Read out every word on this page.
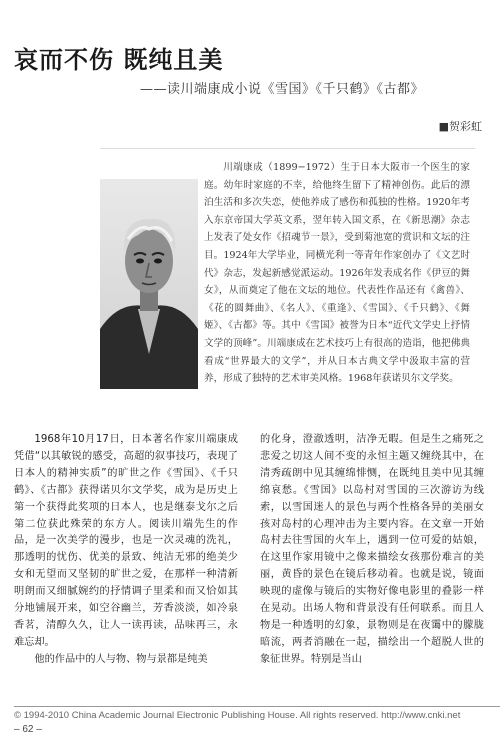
哀而不伤 既纯且美
——读川端康成小说《雪国》《千只鹤》《古都》
■贺彩虹
川端康成（1899−1972）生于日本大阪市一个医生的家庭。幼年时家庭的不幸，给他终生留下了精神创伤。此后的漂泊生活和多次失恋，使他养成了感伤和孤独的性格。1920年考入东京帝国大学英文系，翌年转入国文系，在《新思潮》杂志上发表了处女作《招魂节一景》，受到菊池宽的赏识和文坛的注目。1924年大学毕业，同横光利一等青年作家创办了《文艺时代》杂志，发起新感觉派运动。1926年发表成名作《伊豆的舞女》，从而奠定了他在文坛的地位。代表性作品还有《禽兽》、《花的圆舞曲》、《名人》、《重逢》、《雪国》、《千只鹤》、《舞姬》、《古都》等。其中《雪国》被誉为日本“近代文学史上抒情文学的顶峰”。川端康成在艺术技巧上有很高的造诣，他把佛典看成“世界最大的文学”，并从日本古典文学中汲取丰富的营养，形成了独特的艺术审美风格。1968年获诺贝尔文学奖。

1968年10月17日，日本著名作家川端康成凭借“以其敏锐的感受，高超的叙事技巧，表现了日本人的精神实质”的旷世之作《雪国》、《千只鹤》、《古都》获得诺贝尔文学奖，成为是历史上第一个获得此奖项的日本人，也是继泰戈尔之后第二位获此殊荣的东方人。阅读川端先生的作品，是一次美学的漫步，也是一次灵魂的洗礼，那透明的忧伤、优美的景致、纯洁无邪的绝美少女和无望而又坚韧的旷世之爱，在那样一种清新明朗而又细腻婉约的抒情调子里柔和而又恰如其分地铺展开来，如空谷幽兰，芳香淡淡，如冷泉香茗，清醇久久，让人一读再读，品味再三，永难忘却。

他的作品中的人与物、物与景都是纯美

的化身，澄澈透明，洁净无暇。但是生之痛死之悲爱之切这人间不变的永恒主题又缠绕其中，在清秀疏朗中见其缠绵悱恻，在既纯且美中见其缠绵哀愁。《雪国》以岛村对雪国的三次游访为线索，以雪国迷人的景色与两个性格各异的美丽女孩对岛村的心理冲击为主要内容。在文章一开始岛村去往雪国的火车上，遇到一位可爱的姑娘，在这里作家用镜中之像来描绘女孩那份难言的美丽，黄昏的景色在镜后移动着。也就是说，镜面映现的虚像与镜后的实物好像电影里的叠影一样在晃动。出场人物和背景没有任何联系。而且人物是一种透明的幻象，景物则是在夜霭中的朦胧暗流，两者消融在一起，描绘出一个超脱人世的象征世界。特别是当山

© 1994-2010 China Academic Journal Electronic Publishing House. All rights reserved. http://www.cnki.net
– 62 –
